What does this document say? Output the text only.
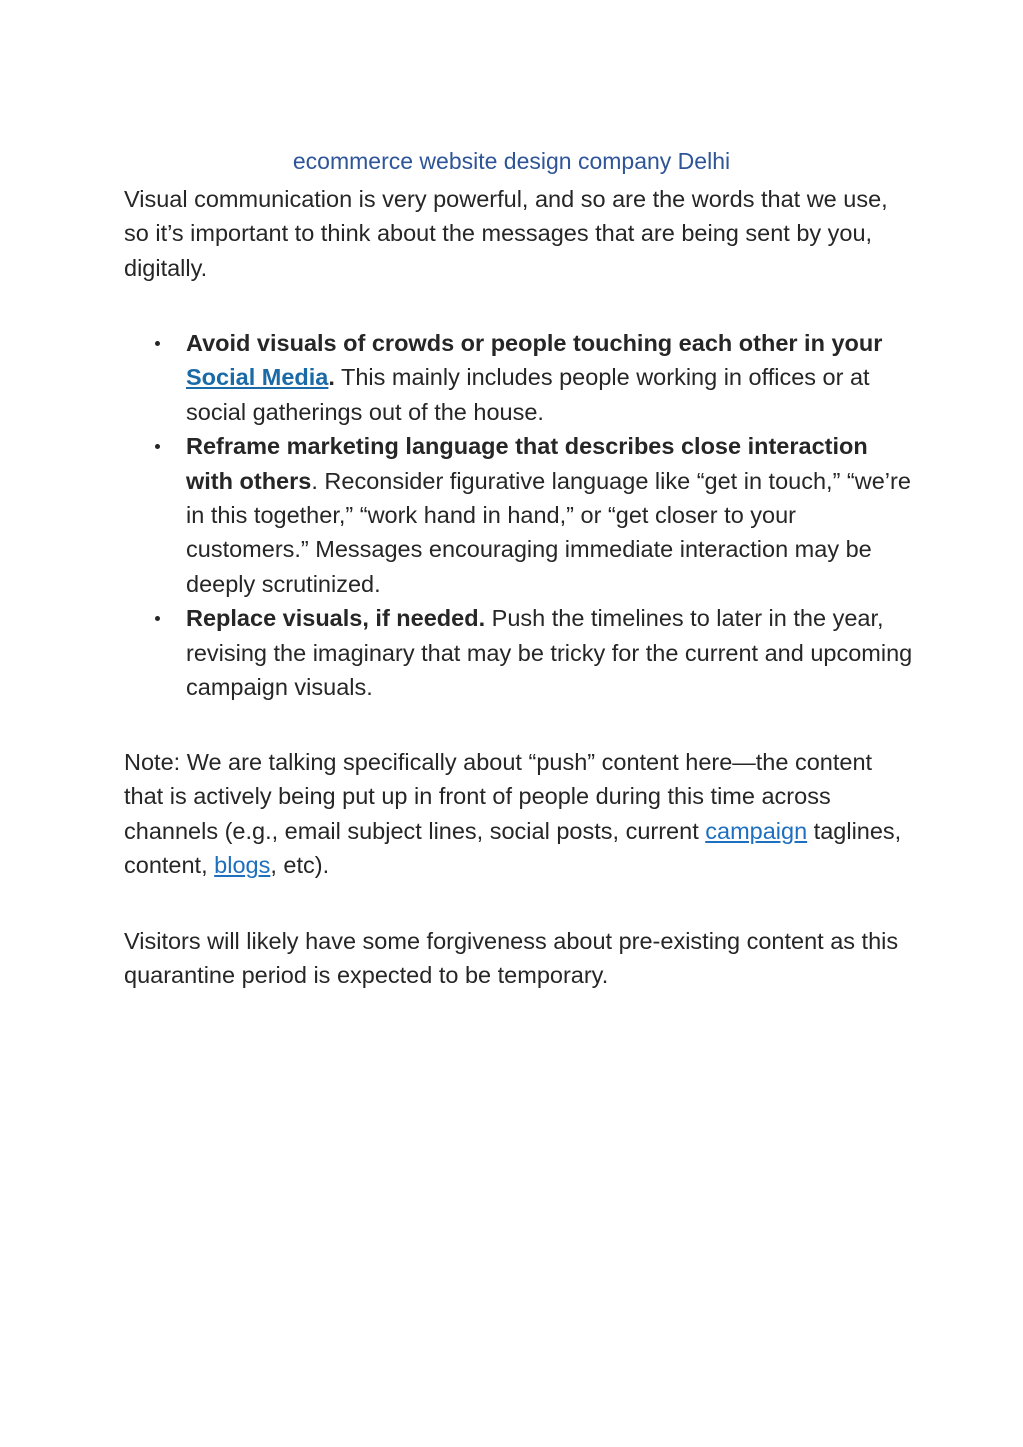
ecommerce website design company Delhi

Visual communication is very powerful, and so are the words that we use, so it’s important to think about the messages that are being sent by you, digitally.

Avoid visuals of crowds or people touching each other in your Social Media. This mainly includes people working in offices or at social gatherings out of the house.
Reframe marketing language that describes close interaction with others. Reconsider figurative language like “get in touch,” “we’re in this together,” “work hand in hand,” or “get closer to your customers.” Messages encouraging immediate interaction may be deeply scrutinized.
Replace visuals, if needed. Push the timelines to later in the year, revising the imaginary that may be tricky for the current and upcoming campaign visuals.

Note: We are talking specifically about “push” content here—the content that is actively being put up in front of people during this time across channels (e.g., email subject lines, social posts, current campaign taglines, content, blogs, etc).

Visitors will likely have some forgiveness about pre-existing content as this quarantine period is expected to be temporary.
